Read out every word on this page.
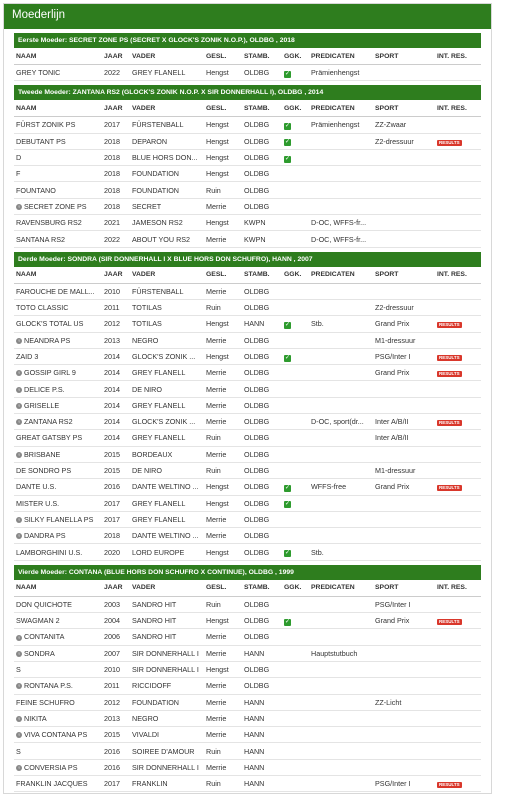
Moederlijn
Eerste Moeder: SECRET ZONE PS (SECRET X GLOCK'S ZONIK N.O.P.), OLDBG , 2018
NAAM	JAAR	VADER	GESL.	STAMB.	GGK.	PREDICATEN	SPORT	INT. RES.
GREY TONIC	2022	GREY FLANELL	Hengst	OLDBG	✓	Prämienhengst		
Tweede Moeder: ZANTANA RS2 (GLOCK'S ZONIK N.O.P. X SIR DONNERHALL I), OLDBG , 2014
NAAM	JAAR	VADER	GESL.	STAMB.	GGK.	PREDICATEN	SPORT	INT. RES.
FÜRST ZONIK PS	2017	FÜRSTENBALL	Hengst	OLDBG	✓	Prämienhengst	ZZ-Zwaar	
DEBUTANT PS	2018	DEPARON	Hengst	OLDBG	✓		Z2-dressuur	RESULTS
D	2018	BLUE HORS DON...	Hengst	OLDBG	✓			
F	2018	FOUNDATION	Hengst	OLDBG				
FOUNTANO	2018	FOUNDATION	Ruin	OLDBG				
♀ SECRET ZONE PS	2018	SECRET	Merrie	OLDBG				
RAVENSBURG RS2	2021	JAMESON RS2	Hengst	KWPN		D-OC, WFFS-fr...		
SANTANA RS2	2022	ABOUT YOU RS2	Merrie	KWPN		D-OC, WFFS-fr...		
Derde Moeder: SONDRA (SIR DONNERHALL I X BLUE HORS DON SCHUFRO), HANN , 2007
NAAM	JAAR	VADER	GESL.	STAMB.	GGK.	PREDICATEN	SPORT	INT. RES.
FAROUCHE DE MALL...	2010	FÜRSTENBALL	Merrie	OLDBG				
TOTO CLASSIC	2011	TOTILAS	Ruin	OLDBG			Z2-dressuur	
GLOCK'S TOTAL US	2012	TOTILAS	Hengst	HANN	✓	Stb.	Grand Prix	RESULTS
♀ NEANDRA PS	2013	NEGRO	Merrie	OLDBG			M1-dressuur	
ZAID 3	2014	GLOCK'S ZONIK ...	Hengst	OLDBG	✓		PSG/Inter I	RESULTS
♀ GOSSIP GIRL 9	2014	GREY FLANELL	Merrie	OLDBG			Grand Prix	RESULTS
♀ DELICE P.S.	2014	DE NIRO	Merrie	OLDBG				
♀ GRISELLE	2014	GREY FLANELL	Merrie	OLDBG				
♀ ZANTANA RS2	2014	GLOCK'S ZONIK ...	Merrie	OLDBG		D-OC, sport(dr...	Inter A/B/II	RESULTS
GREAT GATSBY PS	2014	GREY FLANELL	Ruin	OLDBG			Inter A/B/II	
♀ BRISBANE	2015	BORDEAUX	Merrie	OLDBG				
DE SONDRO PS	2015	DE NIRO	Ruin	OLDBG			M1-dressuur	
DANTE U.S.	2016	DANTE WELTINO ...	Hengst	OLDBG	✓	WFFS-free	Grand Prix	RESULTS
MISTER U.S.	2017	GREY FLANELL	Hengst	OLDBG	✓			
♀ SILKY FLANELLA PS	2017	GREY FLANELL	Merrie	OLDBG				
♀ DANDRA PS	2018	DANTE WELTINO ...	Merrie	OLDBG				
LAMBORGHINI U.S.	2020	LORD EUROPE	Hengst	OLDBG	✓	Stb.		
Vierde Moeder: CONTANA (BLUE HORS DON SCHUFRO X CONTINUE), OLDBG , 1999
NAAM	JAAR	VADER	GESL.	STAMB.	GGK.	PREDICATEN	SPORT	INT. RES.
DON QUICHOTE	2003	SANDRO HIT	Ruin	OLDBG			PSG/Inter I	
SWAGMAN 2	2004	SANDRO HIT	Hengst	OLDBG	✓		Grand Prix	RESULTS
♀ CONTANITA	2006	SANDRO HIT	Merrie	OLDBG				
♀ SONDRA	2007	SIR DONNERHALL I	Merrie	HANN		Hauptstutbuch		
S	2010	SIR DONNERHALL I	Hengst	OLDBG				
♀ RONTANA P.S.	2011	RICCIDOFF	Merrie	OLDBG				
FEINE SCHUFRO	2012	FOUNDATION	Merrie	HANN			ZZ-Licht	
♀ NIKITA	2013	NEGRO	Merrie	HANN				
♀ VIVA CONTANA PS	2015	VIVALDI	Merrie	HANN				
S	2016	SOIREE D'AMOUR	Ruin	HANN				
♀ CONVERSIA PS	2016	SIR DONNERHALL I	Merrie	HANN				
FRANKLIN JACQUES	2017	FRANKLIN	Ruin	HANN			PSG/Inter I	RESULTS
